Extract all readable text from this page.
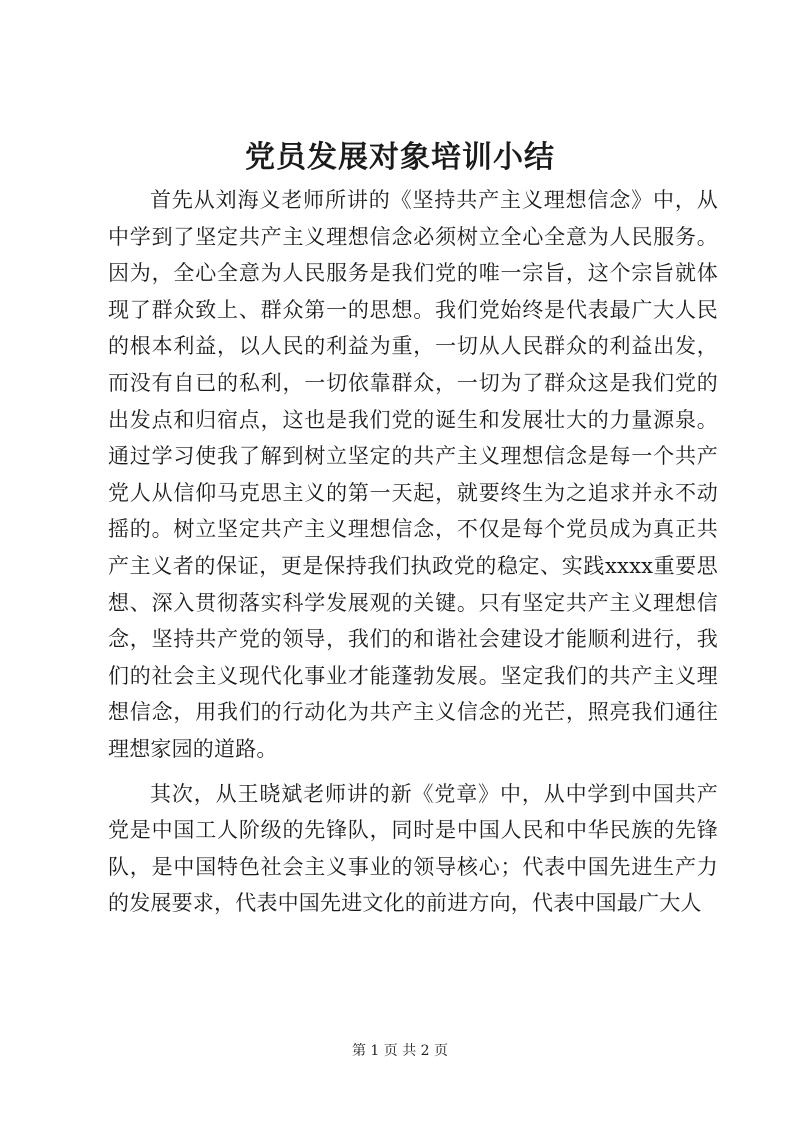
党员发展对象培训小结

首先从刘海义老师所讲的《坚持共产主义理想信念》中，从中学到了坚定共产主义理想信念必须树立全心全意为人民服务。因为，全心全意为人民服务是我们党的唯一宗旨，这个宗旨就体现了群众致上、群众第一的思想。我们党始终是代表最广大人民的根本利益，以人民的利益为重，一切从人民群众的利益出发，而没有自已的私利，一切依靠群众，一切为了群众这是我们党的出发点和归宿点，这也是我们党的诞生和发展壮大的力量源泉。通过学习使我了解到树立坚定的共产主义理想信念是每一个共产党人从信仰马克思主义的第一天起，就要终生为之追求并永不动摇的。树立坚定共产主义理想信念，不仅是每个党员成为真正共产主义者的保证，更是保持我们执政党的稳定、实践xxxx重要思想、深入贯彻落实科学发展观的关键。只有坚定共产主义理想信念，坚持共产党的领导，我们的和谐社会建设才能顺利进行，我们的社会主义现代化事业才能蓬勃发展。坚定我们的共产主义理想信念，用我们的行动化为共产主义信念的光芒，照亮我们通往理想家园的道路。

其次，从王晓斌老师讲的新《党章》中，从中学到中国共产党是中国工人阶级的先锋队，同时是中国人民和中华民族的先锋队，是中国特色社会主义事业的领导核心；代表中国先进生产力的发展要求，代表中国先进文化的前进方向，代表中国最广大人

第 1 页 共 2 页
